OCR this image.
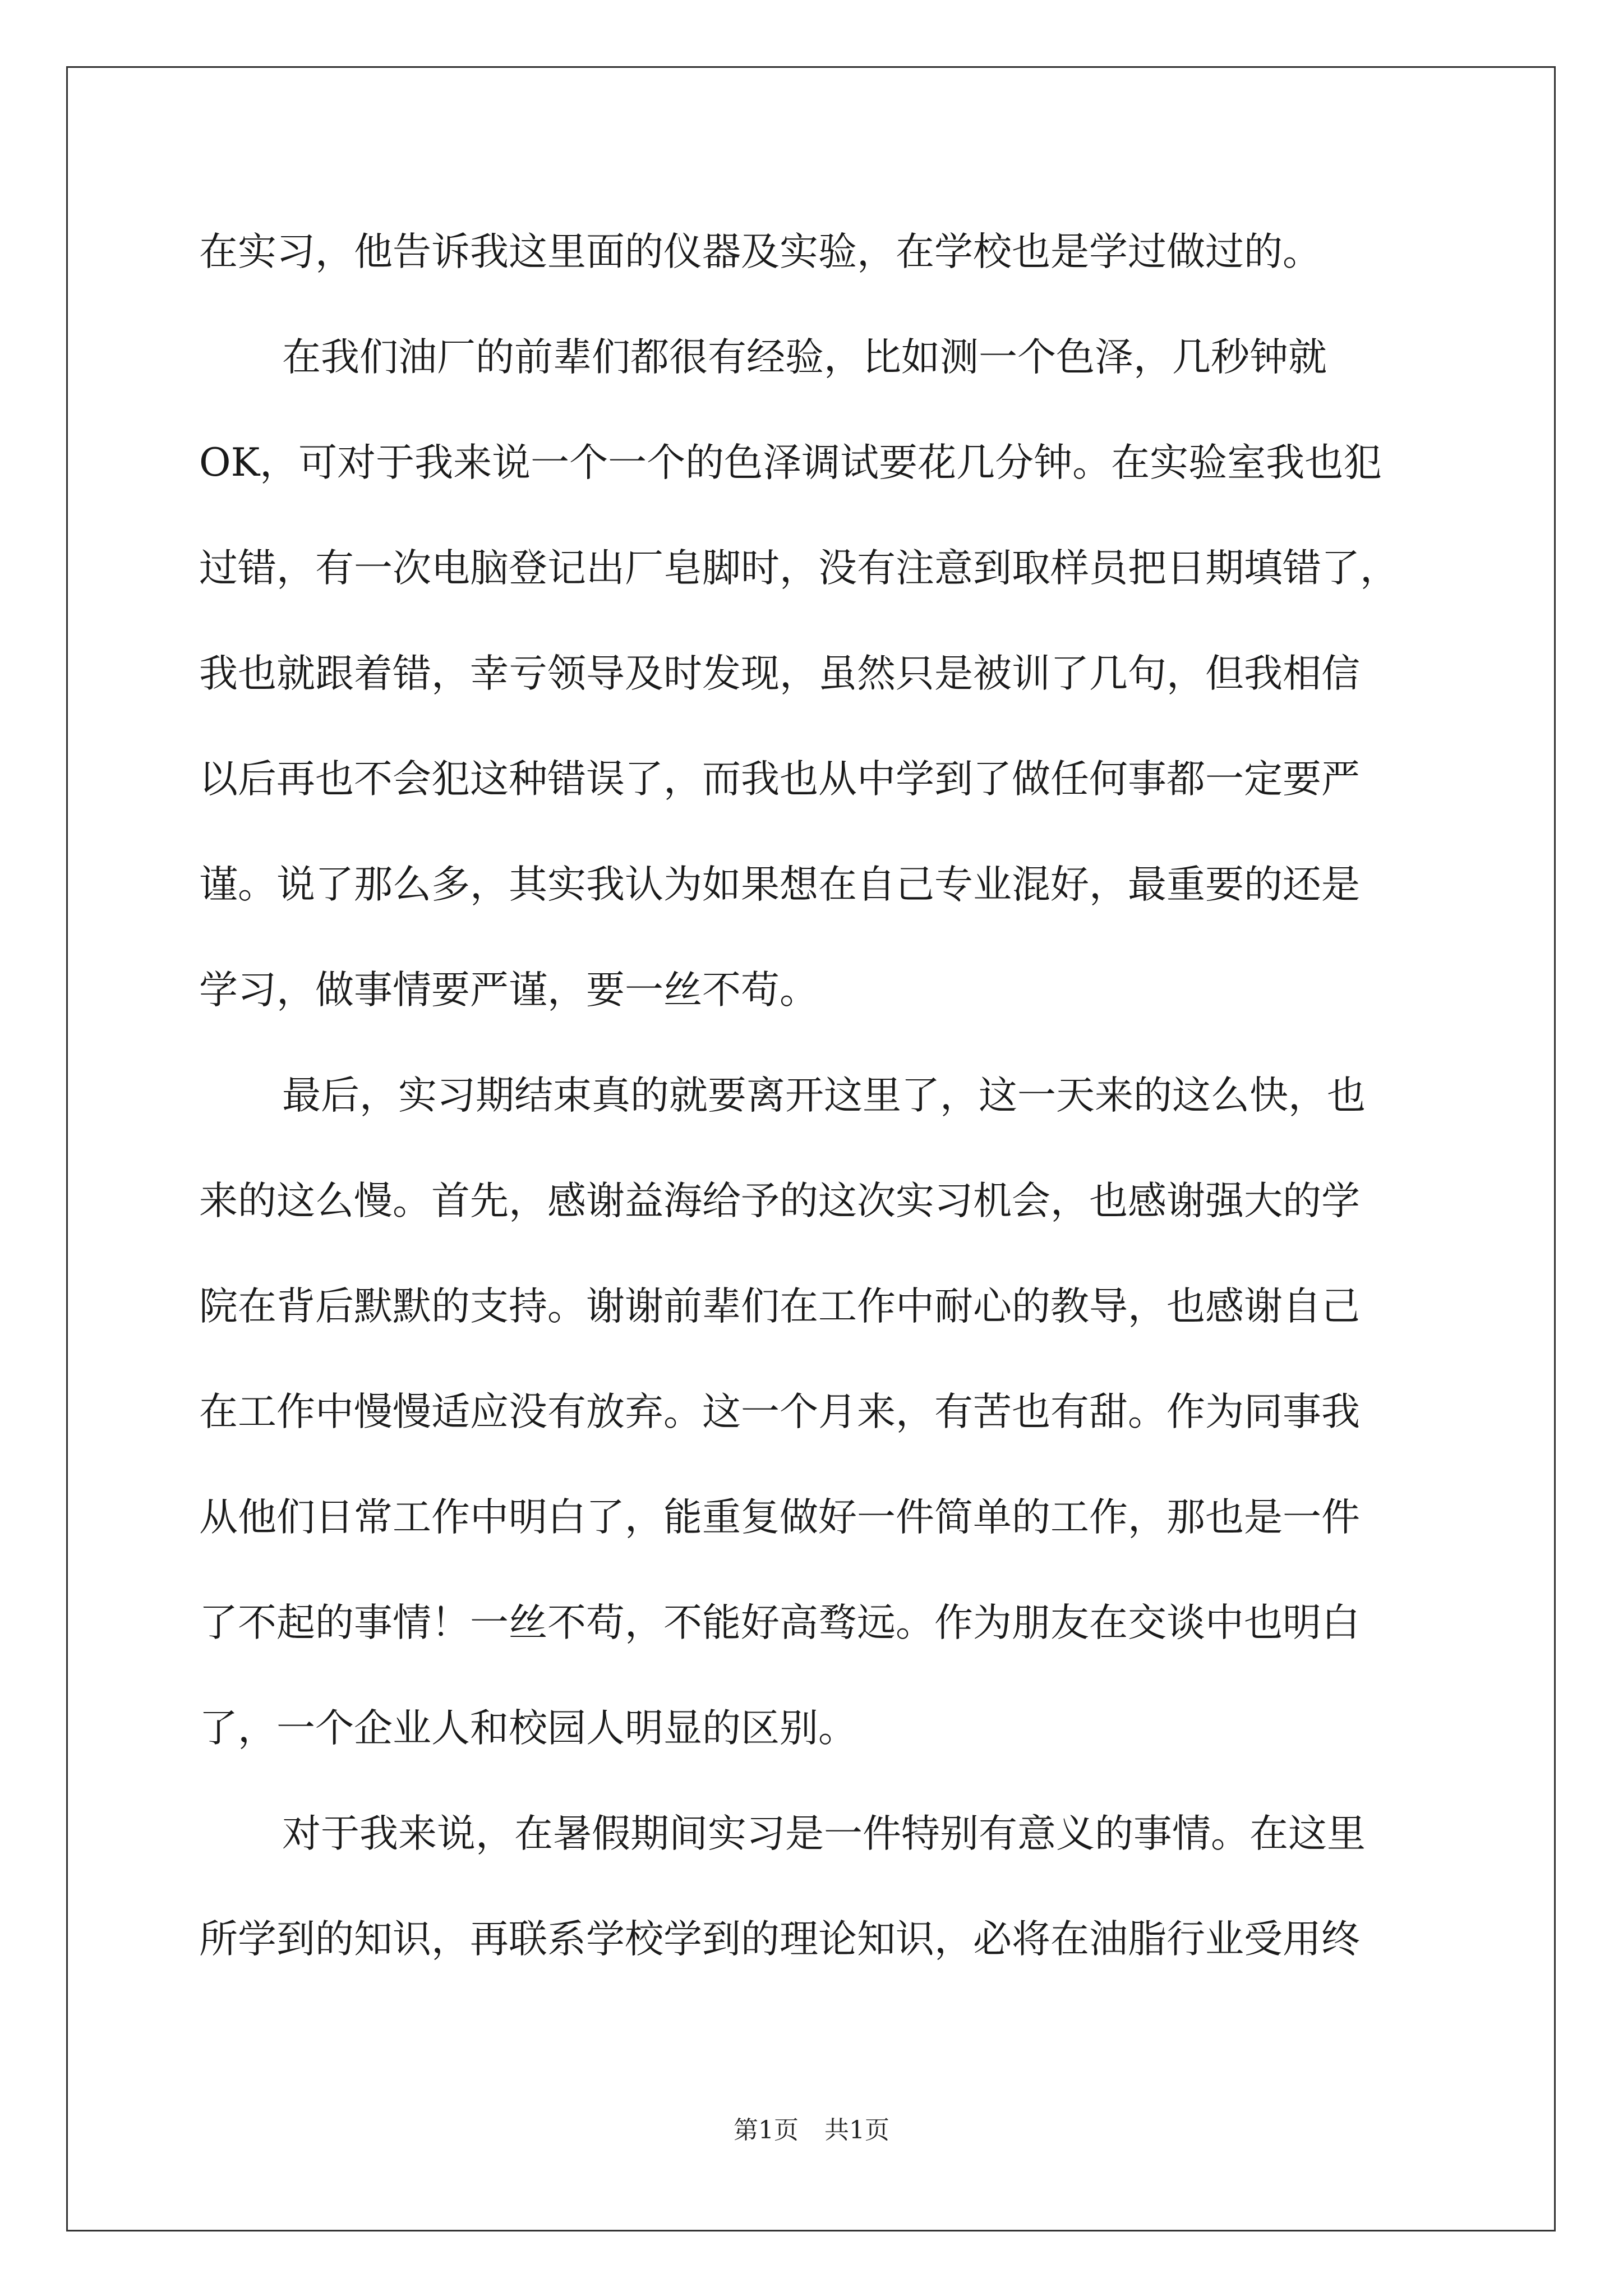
在实习，他告诉我这里面的仪器及实验，在学校也是学过做过的。
在我们油厂的前辈们都很有经验，比如测一个色泽，几秒钟就
OK，可对于我来说一个一个的色泽调试要花几分钟。在实验室我也犯
过错，有一次电脑登记出厂皂脚时，没有注意到取样员把日期填错了，
我也就跟着错，幸亏领导及时发现，虽然只是被训了几句，但我相信
以后再也不会犯这种错误了，而我也从中学到了做任何事都一定要严
谨。说了那么多，其实我认为如果想在自己专业混好，最重要的还是
学习，做事情要严谨，要一丝不苟。
最后，实习期结束真的就要离开这里了，这一天来的这么快，也
来的这么慢。首先，感谢益海给予的这次实习机会，也感谢强大的学
院在背后默默的支持。谢谢前辈们在工作中耐心的教导，也感谢自己
在工作中慢慢适应没有放弃。这一个月来，有苦也有甜。作为同事我
从他们日常工作中明白了，能重复做好一件简单的工作，那也是一件
了不起的事情！一丝不苟，不能好高骛远。作为朋友在交谈中也明白
了，一个企业人和校园人明显的区别。
对于我来说，在暑假期间实习是一件特别有意义的事情。在这里
所学到的知识，再联系学校学到的理论知识，必将在油脂行业受用终
第1页 共1页
